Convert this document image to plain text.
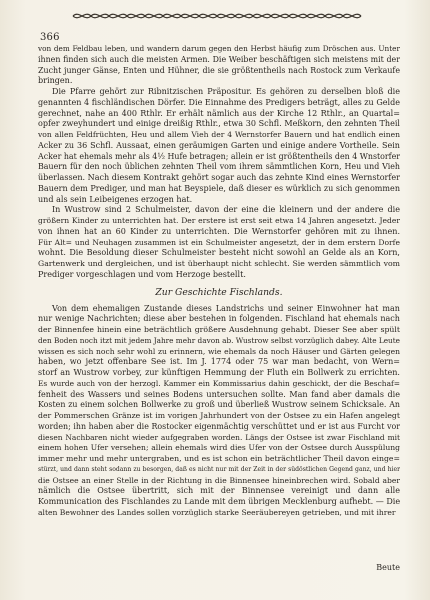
366
von dem Feldbau leben, und wandern darum gegen den Herbst häufig zum Dröschen aus. Unter
ihnen finden sich auch die meisten Armen. Die Weiber beschäftigen sich meistens mit der
Zucht junger Gänse, Enten und Hühner, die sie größtentheils nach Rostock zum Verkaufe
bringen.
Die Pfarre gehört zur Ribnitzischen Präpositur. Es gehören zu derselben bloß die
genannten 4 fischländischen Dörfer. Die Einnahme des Predigers beträgt, alles zu Gelde
gerechnet, nahe an 400 Rthlr. Er erhält nämlich aus der Kirche 12 Rthlr., an Quartal=
opfer zweyhundert und einige dreißig Rthlr., etwa 30 Schfl. Meßkorn, den zehnten Theil
von allen Feldfrüchten, Heu und allem Vieh der 4 Wernstorfer Bauern und hat endlich einen
Acker zu 36 Schfl. Aussaat, einen geräumigen Garten und einige andere Vortheile. Sein
Acker hat ehemals mehr als 4½ Hufe betragen; allein er ist größtentheils den 4 Wnstorfer
Bauern für den noch üblichen zehnten Theil vom ihrem sämmtlichen Korn, Heu und Vieh
überlassen. Nach diesem Kontrakt gehört sogar auch das zehnte Kind eines Wernstorfer
Bauern dem Prediger, und man hat Beyspiele, daß dieser es würklich zu sich genommen
und als sein Leibeigenes erzogen hat.
In Wustrow sind 2 Schulmeister, davon der eine die kleinern und der andere die
größern Kinder zu unterrichten hat. Der erstere ist erst seit etwa 14 Jahren angesetzt. Jeder
von ihnen hat an 60 Kinder zu unterrichten. Die Wernstorfer gehören mit zu ihnen.
Für Alt= und Neuhagen zusammen ist ein Schulmeister angesetzt, der in dem erstern Dorfe
wohnt. Die Besoldung dieser Schulmeister besteht nicht sowohl an Gelde als an Korn,
Gartenwerk und dergleichen, und ist überhaupt nicht schlecht. Sie werden sämmtlich vom
Prediger vorgeschlagen und vom Herzoge bestellt.
Zur Geschichte Fischlands.
Von dem ehemaligen Zustande dieses Landstrichs und seiner Einwohner hat man
nur wenige Nachrichten; diese aber bestehen in folgenden. Fischland hat ehemals nach
der Binnenfee hinein eine beträchtlich größere Ausdehnung gehabt. Dieser See aber spült
den Boden noch itzt mit jedem Jahre mehr davon ab. Wustrow selbst vorzüglich dabey. Alte Leute
wissen es sich noch sehr wohl zu erinnern, wie ehemals da noch Häuser und Gärten gelegen
haben, wo jetzt offenbare See ist. Im J. 1774 oder 75 war man bedacht, von Wern=
storf an Wustrow vorbey, zur künftigen Hemmung der Fluth ein Bollwerk zu errichten.
Es wurde auch von der herzogl. Kammer ein Kommissarius dahin geschickt, der die Beschaf=
fenheit des Wassers und seines Bodens untersuchen sollte. Man fand aber damals die
Kosten zu einem solchen Bollwerke zu groß und überließ Wustrow seinem Schicksale. An
der Pommerschen Gränze ist im vorigen Jahrhundert von der Ostsee zu ein Hafen angelegt
worden; ihn haben aber die Rostocker eigenmächtig verschüttet und er ist aus Furcht vor
diesen Nachbaren nicht wieder aufgegraben worden. Längs der Ostsee ist zwar Fischland mit
einem hohen Ufer versehen; allein ehemals wird dies Ufer von der Ostsee durch Ausspülung
immer mehr und mehr untergraben, und es ist schon ein beträchtlicher Theil davon einge=
stürzt, und dann steht sodann zu besorgen, daß es nicht nur mit der Zeit in der südöstlichen Gegend ganz, und hier
die Ostsee an einer Stelle in der Richtung in die Binnensee hineinbrechen wird. Sobald aber
nämlich die Ostsee übertritt, sich mit der Binnensee vereinigt und dann alle
Kommunication des Fischlandes zu Lande mit dem übrigen Mecklenburg aufhebt. — Die
alten Bewohner des Landes sollen vorzüglich starke Seeräubereyen getrieben, und mit ihrer
Beute
